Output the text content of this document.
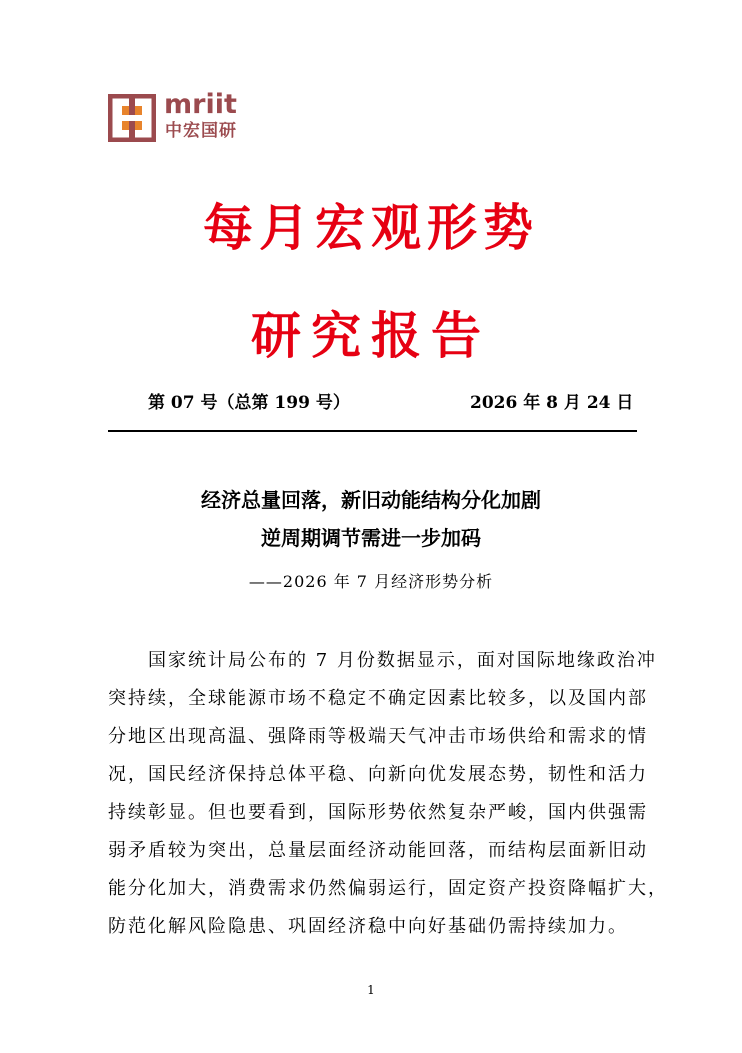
mriit
中宏国研
每月宏观形势
研究报告
第 07 号（总第 199 号）	2026 年 8 月 24 日
经济总量回落，新旧动能结构分化加剧
逆周期调节需进一步加码
——2026 年 7 月经济形势分析
　　国家统计局公布的 7 月份数据显示，面对国际地缘政治冲
突持续，全球能源市场不稳定不确定因素比较多，以及国内部
分地区出现高温、强降雨等极端天气冲击市场供给和需求的情
况，国民经济保持总体平稳、向新向优发展态势，韧性和活力
持续彰显。但也要看到，国际形势依然复杂严峻，国内供强需
弱矛盾较为突出，总量层面经济动能回落，而结构层面新旧动
能分化加大，消费需求仍然偏弱运行，固定资产投资降幅扩大，
防范化解风险隐患、巩固经济稳中向好基础仍需持续加力。
1
